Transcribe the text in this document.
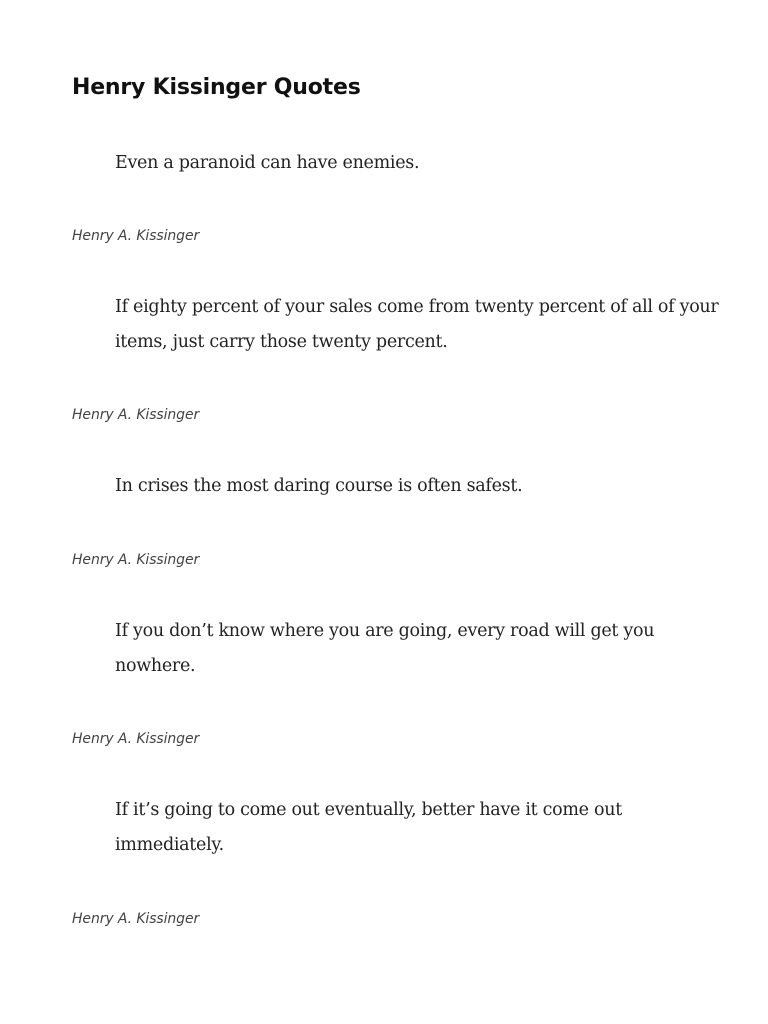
Henry Kissinger Quotes

Even a paranoid can have enemies.

Henry A. Kissinger

If eighty percent of your sales come from twenty percent of all of your items, just carry those twenty percent.

Henry A. Kissinger

In crises the most daring course is often safest.

Henry A. Kissinger

If you don’t know where you are going, every road will get you nowhere.

Henry A. Kissinger

If it’s going to come out eventually, better have it come out immediately.

Henry A. Kissinger
